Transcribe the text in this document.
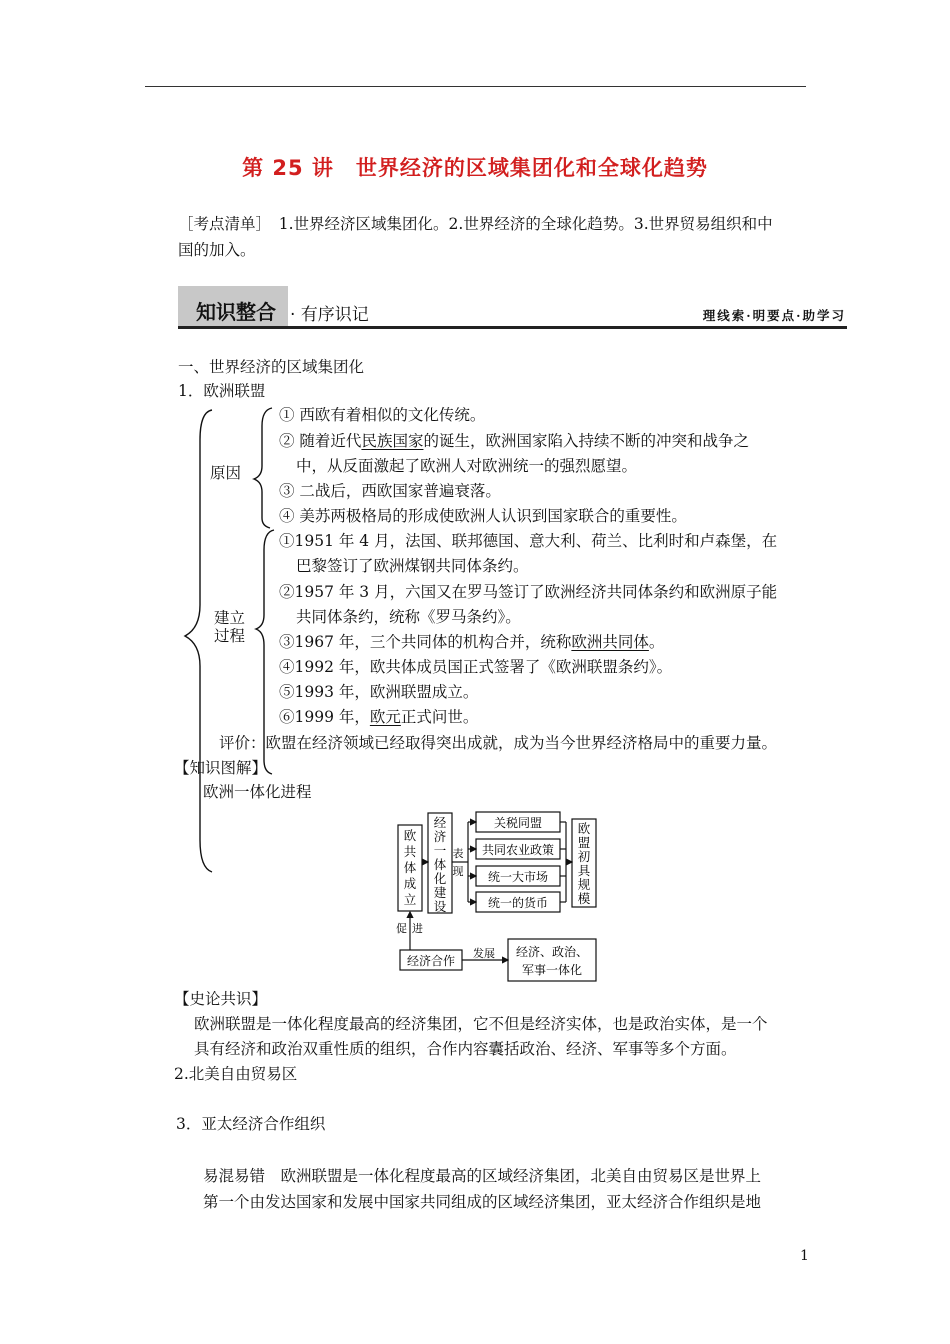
第 25 讲　世界经济的区域集团化和全球化趋势
［考点清单］　1.世界经济区域集团化。2.世界经济的全球化趋势。3.世界贸易组织和中
国的加入。
知识整合 · 有序识记	理线索·明要点·助学习
一、世界经济的区域集团化
1．欧洲联盟
原因
建立
过程
① 西欧有着相似的文化传统。
② 随着近代民族国家的诞生，欧洲国家陷入持续不断的冲突和战争之
中，从反面激起了欧洲人对欧洲统一的强烈愿望。
③ 二战后，西欧国家普遍衰落。
④ 美苏两极格局的形成使欧洲人认识到国家联合的重要性。
①1951 年 4 月，法国、联邦德国、意大利、荷兰、比利时和卢森堡，在
巴黎签订了欧洲煤钢共同体条约。
②1957 年 3 月，六国又在罗马签订了欧洲经济共同体条约和欧洲原子能
共同体条约，统称《罗马条约》。
③1967 年，三个共同体的机构合并，统称欧洲共同体。
④1992 年，欧共体成员国正式签署了《欧洲联盟条约》。
⑤1993 年，欧洲联盟成立。
⑥1999 年，欧元正式问世。
评价：欧盟在经济领域已经取得突出成就，成为当今世界经济格局中的重要力量。
【知识图解】
欧洲一体化进程
欧
共
体
成
立
经
济
一
体
化
建
设
表
现
关税同盟
共同农业政策
统一大市场
统一的货币
欧
盟
初
具
规
模
促 进
经济合作
发展 经济、政治、
军事一体化
【史论共识】
欧洲联盟是一体化程度最高的经济集团，它不但是经济实体，也是政治实体，是一个
具有经济和政治双重性质的组织，合作内容囊括政治、经济、军事等多个方面。
2.北美自由贸易区
3．亚太经济合作组织
易混易错　欧洲联盟是一体化程度最高的区域经济集团，北美自由贸易区是世界上
第一个由发达国家和发展中国家共同组成的区域经济集团，亚太经济合作组织是地
1
